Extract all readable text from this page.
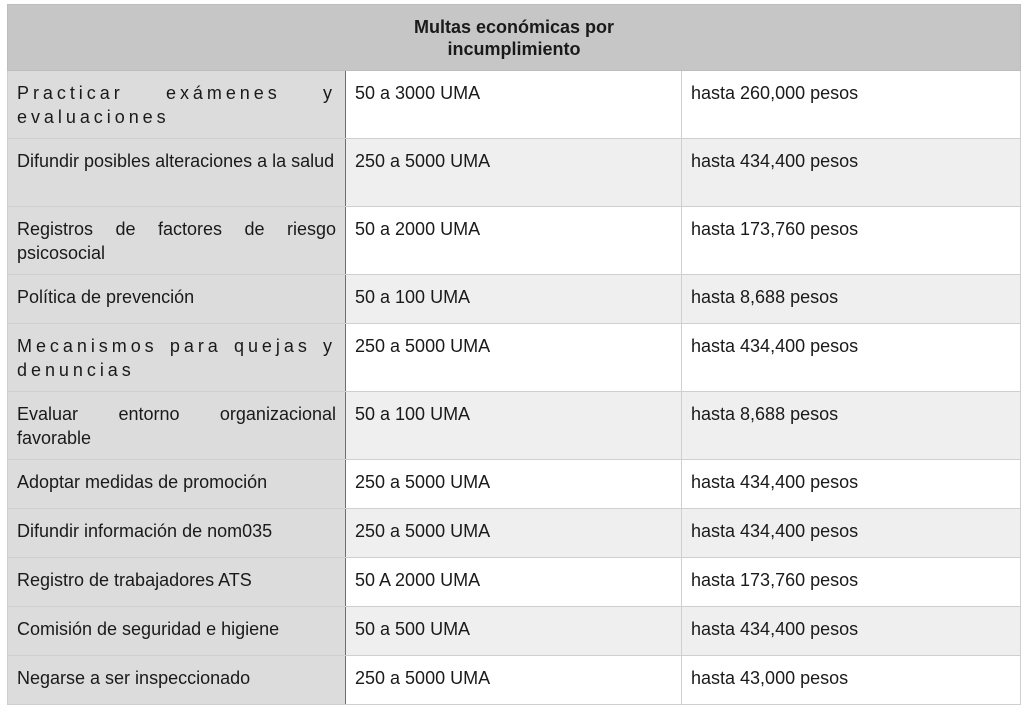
Multas económicas por incumplimiento		
Practicar exámenes y evaluaciones	50 a 3000 UMA	hasta 260,000 pesos
Difundir posibles alteraciones a la salud	250 a 5000 UMA	hasta 434,400 pesos
Registros de factores de riesgo psicosocial	50 a 2000 UMA	hasta 173,760 pesos
Política de prevención	50 a 100 UMA	hasta 8,688 pesos
Mecanismos para quejas y denuncias	250 a 5000 UMA	hasta 434,400 pesos
Evaluar entorno organizacional favorable	50 a 100 UMA	hasta 8,688 pesos
Adoptar medidas de promoción	250 a 5000 UMA	hasta 434,400 pesos
Difundir información de nom035	250 a 5000 UMA	hasta 434,400 pesos
Registro de trabajadores ATS	50 A 2000 UMA	hasta 173,760 pesos
Comisión de seguridad e higiene	50 a 500 UMA	hasta 434,400 pesos
Negarse a ser inspeccionado	250 a 5000 UMA	hasta 43,000 pesos
